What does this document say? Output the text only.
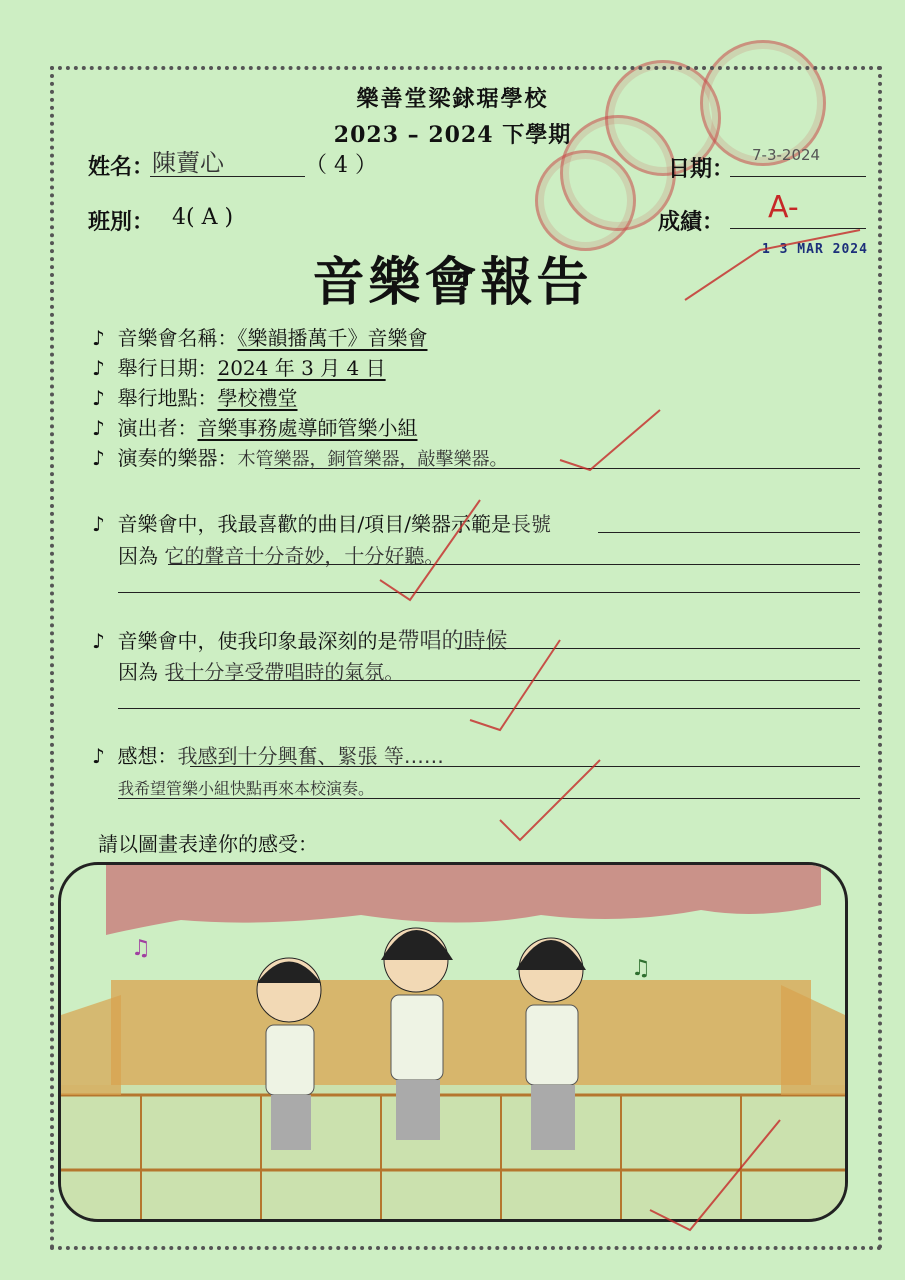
樂善堂梁銶琚學校
2023 – 2024 下學期
姓名：
陳藚心	（ 4 ）	日期：
7-3-2024
班別： 4( A )	成績： A-
1 3 MAR 2024
音樂會報告
♪ 音樂會名稱：《樂韻播萬千》音樂會
♪ 舉行日期：2024 年 3 月 4 日
♪ 舉行地點：學校禮堂
♪ 演出者：音樂事務處導師管樂小組
♪ 演奏的樂器：木管樂器，銅管樂器，敲擊樂器。
♪ 音樂會中，我最喜歡的曲目/項目/樂器示範是長號
因為 它的聲音十分奇妙，十分好聽。
♪ 音樂會中，使我印象最深刻的是帶唱的時候
因為 我十分享受帶唱時的氣氛。
♪ 感想：我感到十分興奮、緊張 等……
我希望管樂小組快點再來本校演奏。
請以圖畫表達你的感受：
♫
♫
